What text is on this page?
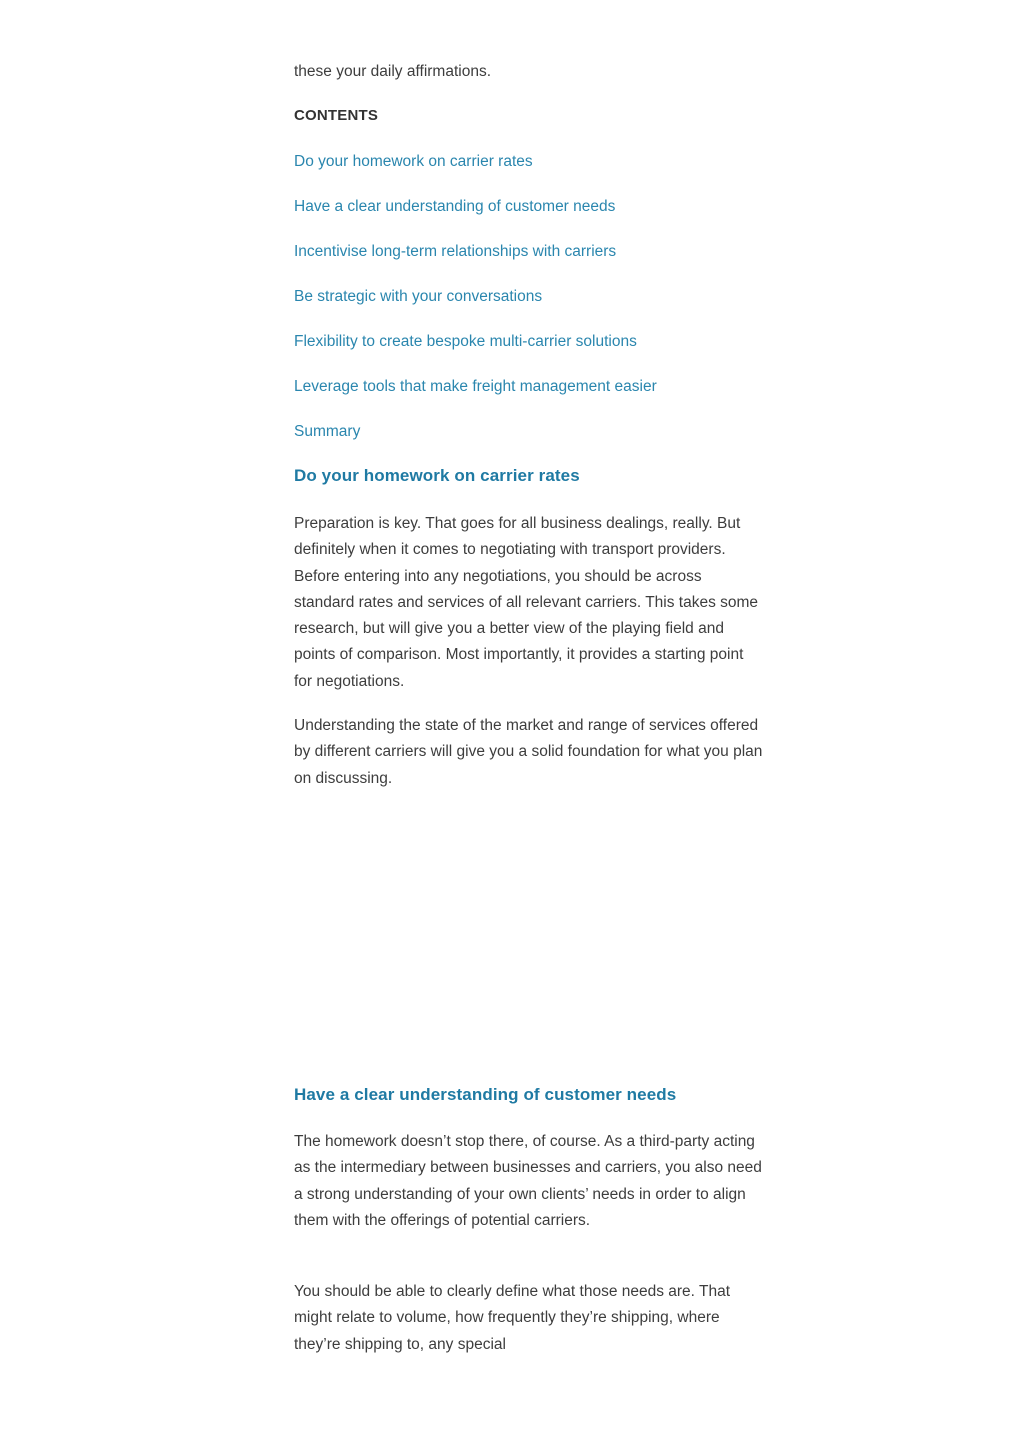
these your daily affirmations.

CONTENTS
Do your homework on carrier rates
Have a clear understanding of customer needs
Incentivise long-term relationships with carriers
Be strategic with your conversations
Flexibility to create bespoke multi-carrier solutions
Leverage tools that make freight management easier
Summary
Do your homework on carrier rates

Preparation is key. That goes for all business dealings, really. But definitely when it comes to negotiating with transport providers. Before entering into any negotiations, you should be across standard rates and services of all relevant carriers. This takes some research, but will give you a better view of the playing field and points of comparison. Most importantly, it provides a starting point for negotiations.

Understanding the state of the market and range of services offered by different carriers will give you a solid foundation for what you plan on discussing.

Have a clear understanding of customer needs

The homework doesn’t stop there, of course. As a third-party acting as the intermediary between businesses and carriers, you also need a strong understanding of your own clients’ needs in order to align them with the offerings of potential carriers.

You should be able to clearly define what those needs are. That might relate to volume, how frequently they’re shipping, where they’re shipping to, any special
